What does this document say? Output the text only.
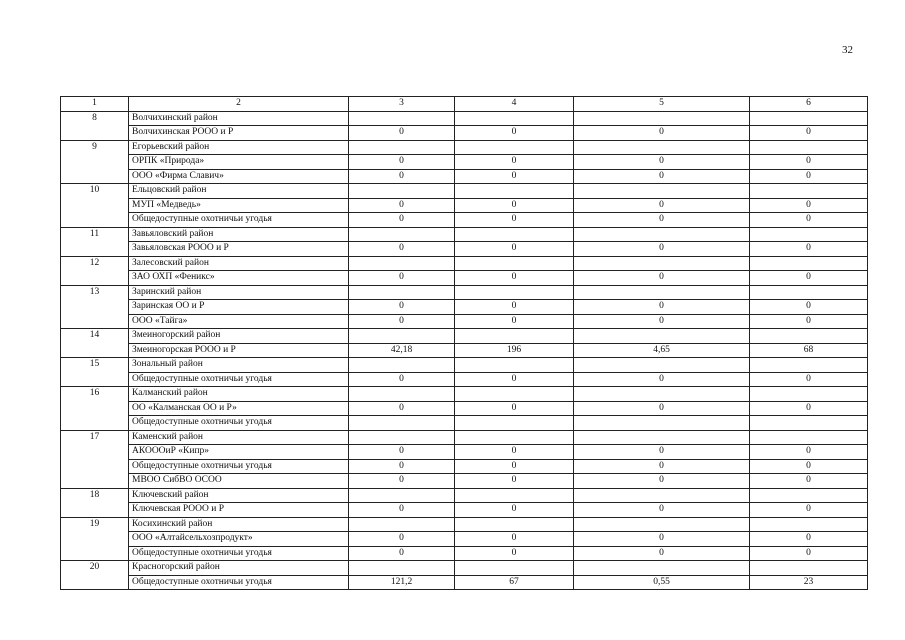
32
1	2	3	4	5	6
8	Волчихинский район				
	Волчихинская РООО и Р	0	0	0	0
9	Егорьевский район				
	ОРПК «Природа»	0	0	0	0
	ООО «Фирма Славич»	0	0	0	0
10	Ельцовский район				
	МУП «Медведь»	0	0	0	0
	Общедоступные охотничьи угодья	0	0	0	0
11	Завьяловский район				
	Завьяловская РООО и Р	0	0	0	0
12	Залесовский район				
	ЗАО ОХП «Феникс»	0	0	0	0
13	Заринский район				
	Заринская ОО и Р	0	0	0	0
	ООО «Тайга»	0	0	0	0
14	Змеиногорский район				
	Змеиногорская РООО и Р	42,18	196	4,65	68
15	Зональный район				
	Общедоступные охотничьи угодья	0	0	0	0
16	Калманский район				
	ОО «Калманская ОО и Р»	0	0	0	0
	Общедоступные охотничьи угодья				
17	Каменский район				
	АКОООиР «Кипр»	0	0	0	0
	Общедоступные охотничьи угодья	0	0	0	0
	МВОО СибВО ОСОО	0	0	0	0
18	Ключевский район				
	Ключевская РООО и Р	0	0	0	0
19	Косихинский район				
	ООО «Алтайсельхозпродукт»	0	0	0	0
	Общедоступные охотничьи угодья	0	0	0	0
20	Красногорский район				
	Общедоступные охотничьи угодья	121,2	67	0,55	23
